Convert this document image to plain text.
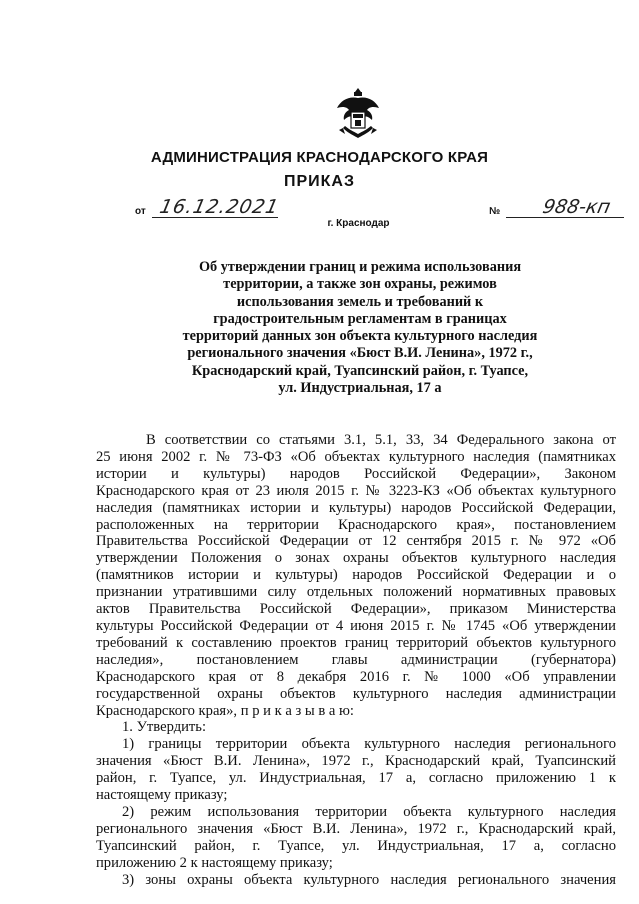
АДМИНИСТРАЦИЯ КРАСНОДАРСКОГО КРАЯ
ПРИКАЗ
от 16.12.2021
г. Краснодар
№ 988-кп
Об утверждении границ и режима использования
территории, а также зон охраны, режимов
использования земель и требований к
градостроительным регламентам в границах
территорий данных зон объекта культурного наследия
регионального значения «Бюст В.И. Ленина», 1972 г.,
Краснодарский край, Туапсинский район, г. Туапсе,
ул. Индустриальная, 17 а
В соответствии со статьями 3.1, 5.1, 33, 34 Федерального закона от
25 июня 2002 г. № 73-ФЗ «Об объектах культурного наследия (памятниках
истории и культуры) народов Российской Федерации», Законом
Краснодарского края от 23 июля 2015 г. № 3223-КЗ «Об объектах культурного
наследия (памятниках истории и культуры) народов Российской Федерации,
расположенных на территории Краснодарского края», постановлением
Правительства Российской Федерации от 12 сентября 2015 г. № 972 «Об
утверждении Положения о зонах охраны объектов культурного наследия
(памятников истории и культуры) народов Российской Федерации и о
признании утратившими силу отдельных положений нормативных правовых
актов Правительства Российской Федерации», приказом Министерства
культуры Российской Федерации от 4 июня 2015 г. № 1745 «Об утверждении
требований к составлению проектов границ территорий объектов культурного
наследия», постановлением главы администрации (губернатора)
Краснодарского края от 8 декабря 2016 г. № 1000 «Об управлении
государственной охраны объектов культурного наследия администрации
Краснодарского края», п р и к а з ы в а ю:
1. Утвердить:
1) границы территории объекта культурного наследия регионального
значения «Бюст В.И. Ленина», 1972 г., Краснодарский край, Туапсинский
район, г. Туапсе, ул. Индустриальная, 17 а, согласно приложению 1 к
настоящему приказу;
2) режим использования территории объекта культурного наследия
регионального значения «Бюст В.И. Ленина», 1972 г., Краснодарский край,
Туапсинский район, г. Туапсе, ул. Индустриальная, 17 а, согласно
приложению 2 к настоящему приказу;
3) зоны охраны объекта культурного наследия регионального значения
